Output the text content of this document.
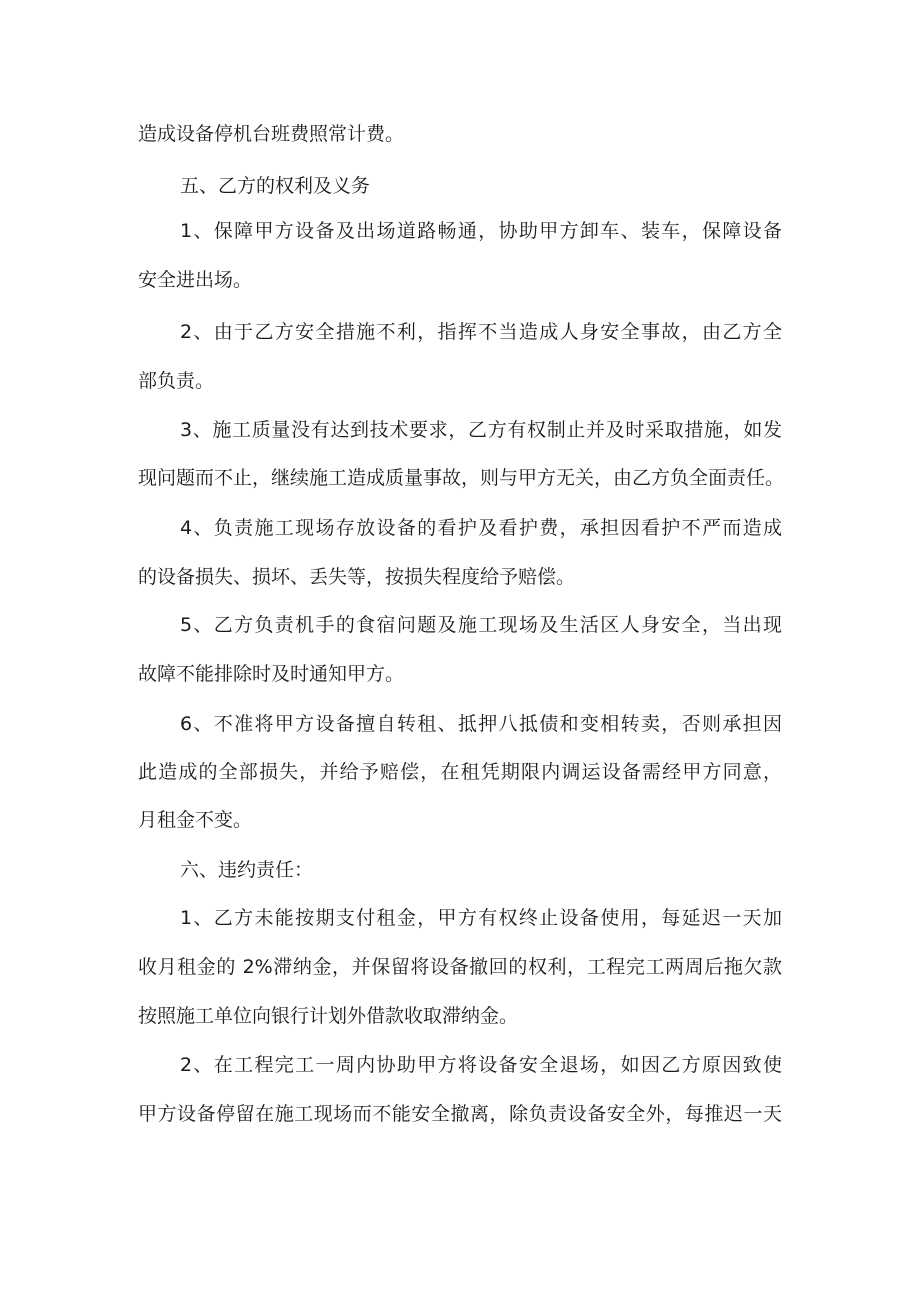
造成设备停机台班费照常计费。
五、乙方的权利及义务
1、保障甲方设备及出场道路畅通，协助甲方卸车、装车，保障设备
安全进出场。
2、由于乙方安全措施不利，指挥不当造成人身安全事故，由乙方全
部负责。
3、施工质量没有达到技术要求，乙方有权制止并及时采取措施，如发
现问题而不止，继续施工造成质量事故，则与甲方无关，由乙方负全面责任。
4、负责施工现场存放设备的看护及看护费，承担因看护不严而造成
的设备损失、损坏、丢失等，按损失程度给予赔偿。
5、乙方负责机手的食宿问题及施工现场及生活区人身安全，当出现
故障不能排除时及时通知甲方。
6、不准将甲方设备擅自转租、抵押八抵债和变相转卖，否则承担因
此造成的全部损失，并给予赔偿，在租凭期限内调运设备需经甲方同意，
月租金不变。
六、违约责任：
1、乙方未能按期支付租金，甲方有权终止设备使用，每延迟一天加
收月租金的 2%滞纳金，并保留将设备撤回的权利，工程完工两周后拖欠款
按照施工单位向银行计划外借款收取滞纳金。
2、在工程完工一周内协助甲方将设备安全退场，如因乙方原因致使
甲方设备停留在施工现场而不能安全撤离，除负责设备安全外，每推迟一天
